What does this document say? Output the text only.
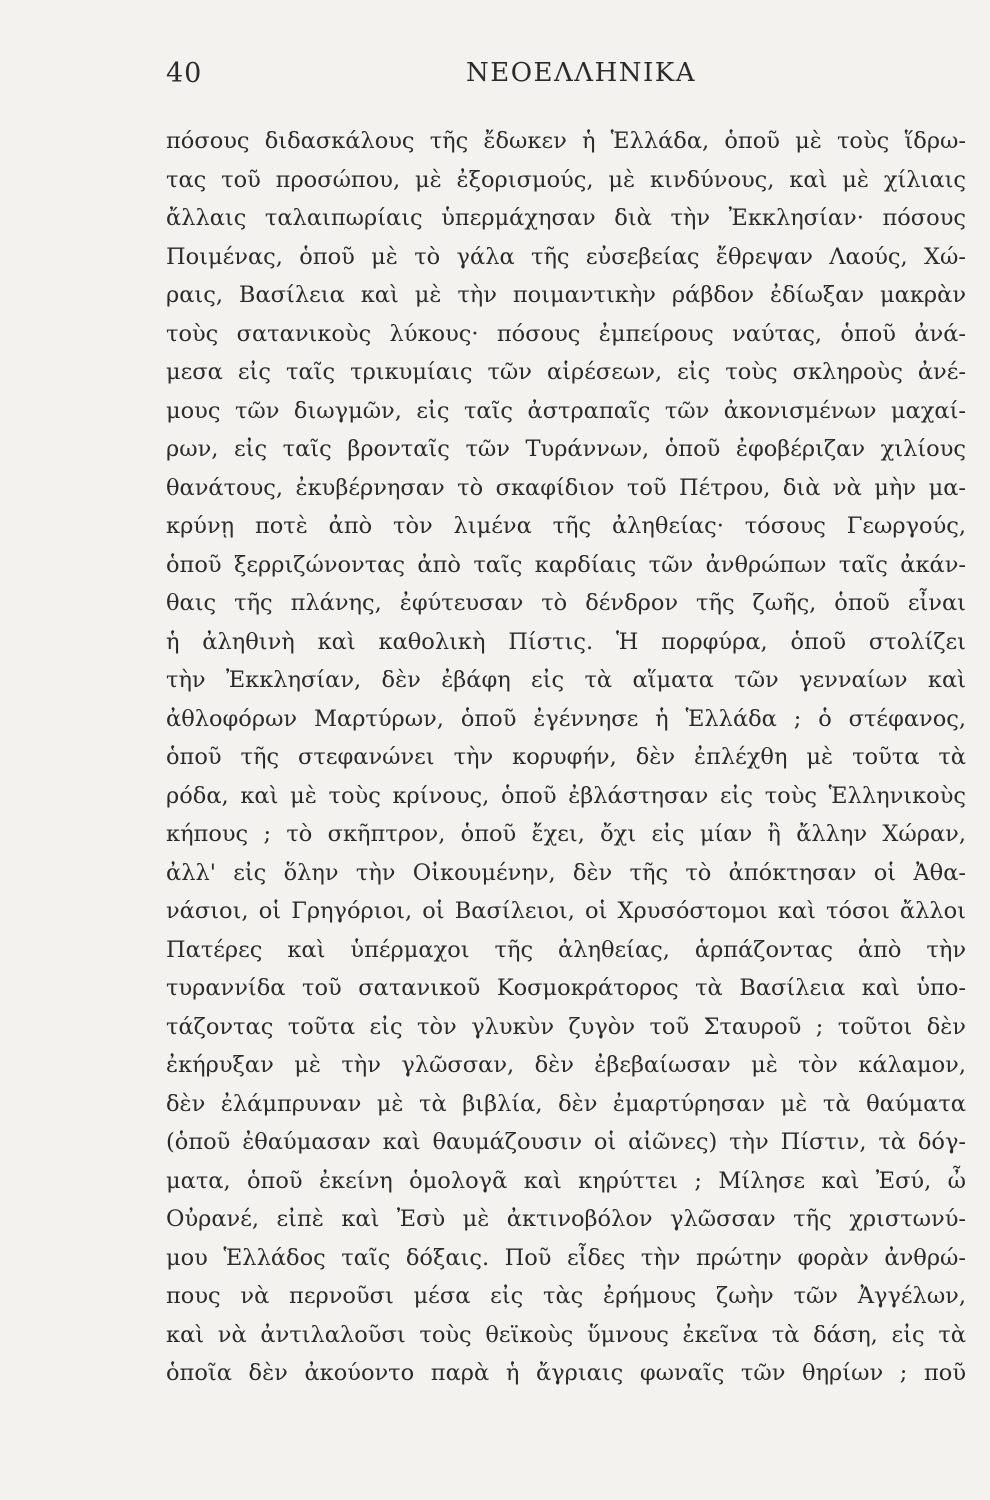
40	ΝΕΟΕΛΛΗΝΙΚΑ
πόσους διδασκάλους τῆς ἔδωκεν ἡ Ἑλλάδα, ὁποῦ μὲ τοὺς ἵδρω-
τας τοῦ προσώπου, μὲ ἐξορισμούς, μὲ κινδύνους, καὶ μὲ χίλιαις
ἄλλαις ταλαιπωρίαις ὑπερμάχησαν διὰ τὴν Ἐκκλησίαν· πόσους
Ποιμένας, ὁποῦ μὲ τὸ γάλα τῆς εὐσεβείας ἔθρεψαν Λαούς, Χώ-
ραις, Βασίλεια καὶ μὲ τὴν ποιμαντικὴν ράβδον ἐδίωξαν μακρὰν
τοὺς σατανικοὺς λύκους· πόσους ἐμπείρους ναύτας, ὁποῦ ἀνά-
μεσα εἰς ταῖς τρικυμίαις τῶν αἱρέσεων, εἰς τοὺς σκληροὺς ἀνέ-
μους τῶν διωγμῶν, εἰς ταῖς ἀστραπαῖς τῶν ἀκονισμένων μαχαί-
ρων, εἰς ταῖς βρονταῖς τῶν Τυράννων, ὁποῦ ἐφοβέριζαν χιλίους
θανάτους, ἐκυβέρνησαν τὸ σκαφίδιον τοῦ Πέτρου, διὰ νὰ μὴν μα-
κρύνῃ ποτὲ ἀπὸ τὸν λιμένα τῆς ἀληθείας· τόσους Γεωργούς,
ὁποῦ ξερριζώνοντας ἀπὸ ταῖς καρδίαις τῶν ἀνθρώπων ταῖς ἀκάν-
θαις τῆς πλάνης, ἐφύτευσαν τὸ δένδρον τῆς ζωῆς, ὁποῦ εἶναι
ἡ ἀληθινὴ καὶ καθολικὴ Πίστις. Ἡ πορφύρα, ὁποῦ στολίζει
τὴν Ἐκκλησίαν, δὲν ἐβάφη εἰς τὰ αἵματα τῶν γενναίων καὶ
ἀθλοφόρων Μαρτύρων, ὁποῦ ἐγέννησε ἡ Ἑλλάδα ; ὁ στέφανος,
ὁποῦ τῆς στεφανώνει τὴν κορυφήν, δὲν ἐπλέχθη μὲ τοῦτα τὰ
ρόδα, καὶ μὲ τοὺς κρίνους, ὁποῦ ἐβλάστησαν εἰς τοὺς Ἑλληνικοὺς
κήπους ; τὸ σκῆπτρον, ὁποῦ ἔχει, ὄχι εἰς μίαν ἢ ἄλλην Χώραν,
ἀλλ' εἰς ὅλην τὴν Οἰκουμένην, δὲν τῆς τὸ ἀπόκτησαν οἱ Ἀθα-
νάσιοι, οἱ Γρηγόριοι, οἱ Βασίλειοι, οἱ Χρυσόστομοι καὶ τόσοι ἄλλοι
Πατέρες καὶ ὑπέρμαχοι τῆς ἀληθείας, ἁρπάζοντας ἀπὸ τὴν
τυραννίδα τοῦ σατανικοῦ Κοσμοκράτορος τὰ Βασίλεια καὶ ὑπο-
τάζοντας τοῦτα εἰς τὸν γλυκὺν ζυγὸν τοῦ Σταυροῦ ; τοῦτοι δὲν
ἐκήρυξαν μὲ τὴν γλῶσσαν, δὲν ἐβεβαίωσαν μὲ τὸν κάλαμον,
δὲν ἐλάμπρυναν μὲ τὰ βιβλία, δὲν ἐμαρτύρησαν μὲ τὰ θαύματα
(ὁποῦ ἐθαύμασαν καὶ θαυμάζουσιν οἱ αἰῶνες) τὴν Πίστιν, τὰ δόγ-
ματα, ὁποῦ ἐκείνη ὁμολογᾶ καὶ κηρύττει ; Μίλησε καὶ Ἐσύ, ὦ
Οὐρανέ, εἰπὲ καὶ Ἐσὺ μὲ ἀκτινοβόλον γλῶσσαν τῆς χριστωνύ-
μου Ἑλλάδος ταῖς δόξαις. Ποῦ εἶδες τὴν πρώτην φορὰν ἀνθρώ-
πους νὰ περνοῦσι μέσα εἰς τὰς ἐρήμους ζωὴν τῶν Ἀγγέλων,
καὶ νὰ ἀντιλαλοῦσι τοὺς θεϊκοὺς ὕμνους ἐκεῖνα τὰ δάση, εἰς τὰ
ὁποῖα δὲν ἀκούοντο παρὰ ἡ ἄγριαις φωναῖς τῶν θηρίων ; ποῦ
